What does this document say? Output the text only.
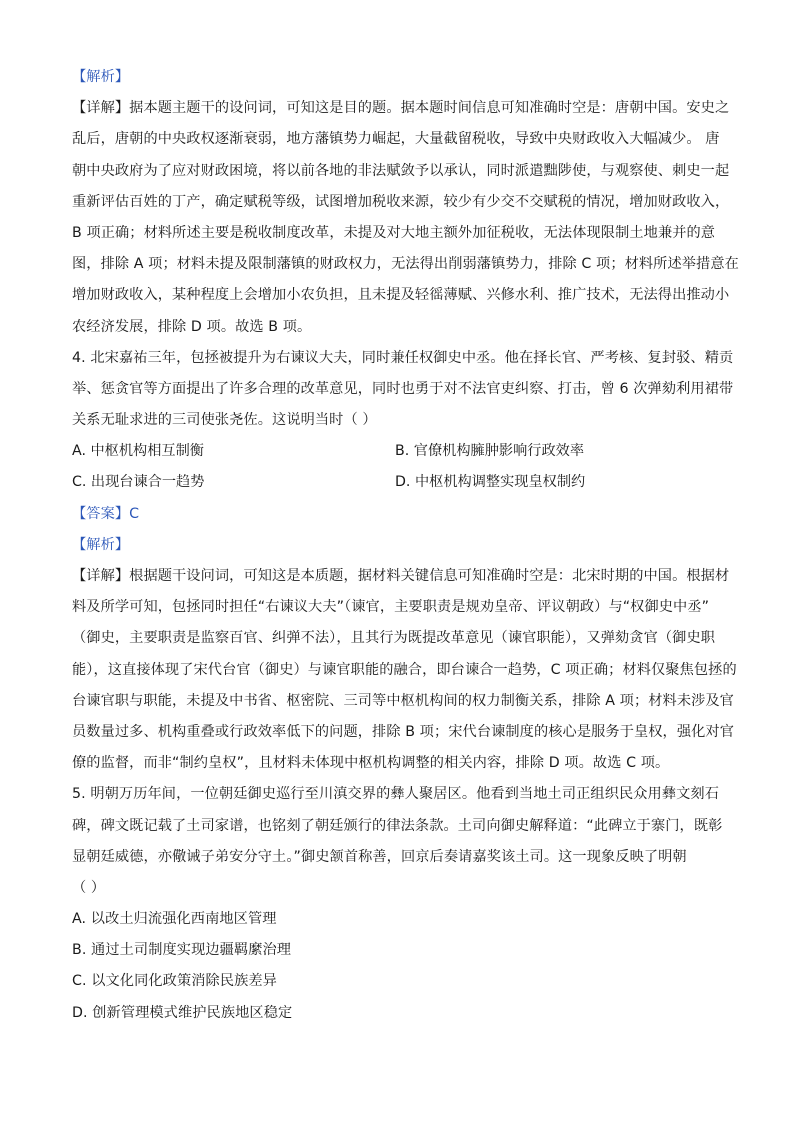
【解析】
【详解】据本题主题干的设问词，可知这是目的题。据本题时间信息可知准确时空是：唐朝中国。安史之
乱后，唐朝的中央政权逐渐衰弱，地方藩镇势力崛起，大量截留税收，导致中央财政收入大幅减少。 唐
朝中央政府为了应对财政困境，将以前各地的非法赋敛予以承认，同时派遣黜陟使，与观察使、刺史一起
重新评估百姓的丁产，确定赋税等级，试图增加税收来源，较少有少交不交赋税的情况，增加财政收入，
B 项正确；材料所述主要是税收制度改革，未提及对大地主额外加征税收，无法体现限制土地兼并的意
图，排除 A 项；材料未提及限制藩镇的财政权力，无法得出削弱藩镇势力，排除 C 项；材料所述举措意在
增加财政收入，某种程度上会增加小农负担，且未提及轻徭薄赋、兴修水利、推广技术，无法得出推动小
农经济发展，排除 D 项。故选 B 项。
4. 北宋嘉祐三年，包拯被提升为右谏议大夫，同时兼任权御史中丞。他在择长官、严考核、复封驳、精贡
举、惩贪官等方面提出了许多合理的改革意见，同时也勇于对不法官吏纠察、打击，曾 6 次弹劾利用裙带
关系无耻求进的三司使张尧佐。这说明当时（ ）
A. 中枢机构相互制衡	B. 官僚机构臃肿影响行政效率
C. 出现台谏合一趋势	D. 中枢机构调整实现皇权制约
【答案】C
【解析】
【详解】根据题干设问词，可知这是本质题，据材料关键信息可知准确时空是：北宋时期的中国。根据材
料及所学可知，包拯同时担任“右谏议大夫”（谏官，主要职责是规劝皇帝、评议朝政）与“权御史中丞”
（御史，主要职责是监察百官、纠弹不法），且其行为既提改革意见（谏官职能），又弹劾贪官（御史职
能），这直接体现了宋代台官（御史）与谏官职能的融合，即台谏合一趋势，C 项正确；材料仅聚焦包拯的
台谏官职与职能，未提及中书省、枢密院、三司等中枢机构间的权力制衡关系，排除 A 项；材料未涉及官
员数量过多、机构重叠或行政效率低下的问题，排除 B 项；宋代台谏制度的核心是服务于皇权，强化对官
僚的监督，而非“制约皇权”，且材料未体现中枢机构调整的相关内容，排除 D 项。故选 C 项。
5. 明朝万历年间，一位朝廷御史巡行至川滇交界的彝人聚居区。他看到当地土司正组织民众用彝文刻石
碑，碑文既记载了土司家谱，也铭刻了朝廷颁行的律法条款。土司向御史解释道：“此碑立于寨门，既彰
显朝廷威德，亦儆诫子弟安分守土。”御史颔首称善，回京后奏请嘉奖该土司。这一现象反映了明朝
（ ）
A. 以改土归流强化西南地区管理
B. 通过土司制度实现边疆羁縻治理
C. 以文化同化政策消除民族差异
D. 创新管理模式维护民族地区稳定
